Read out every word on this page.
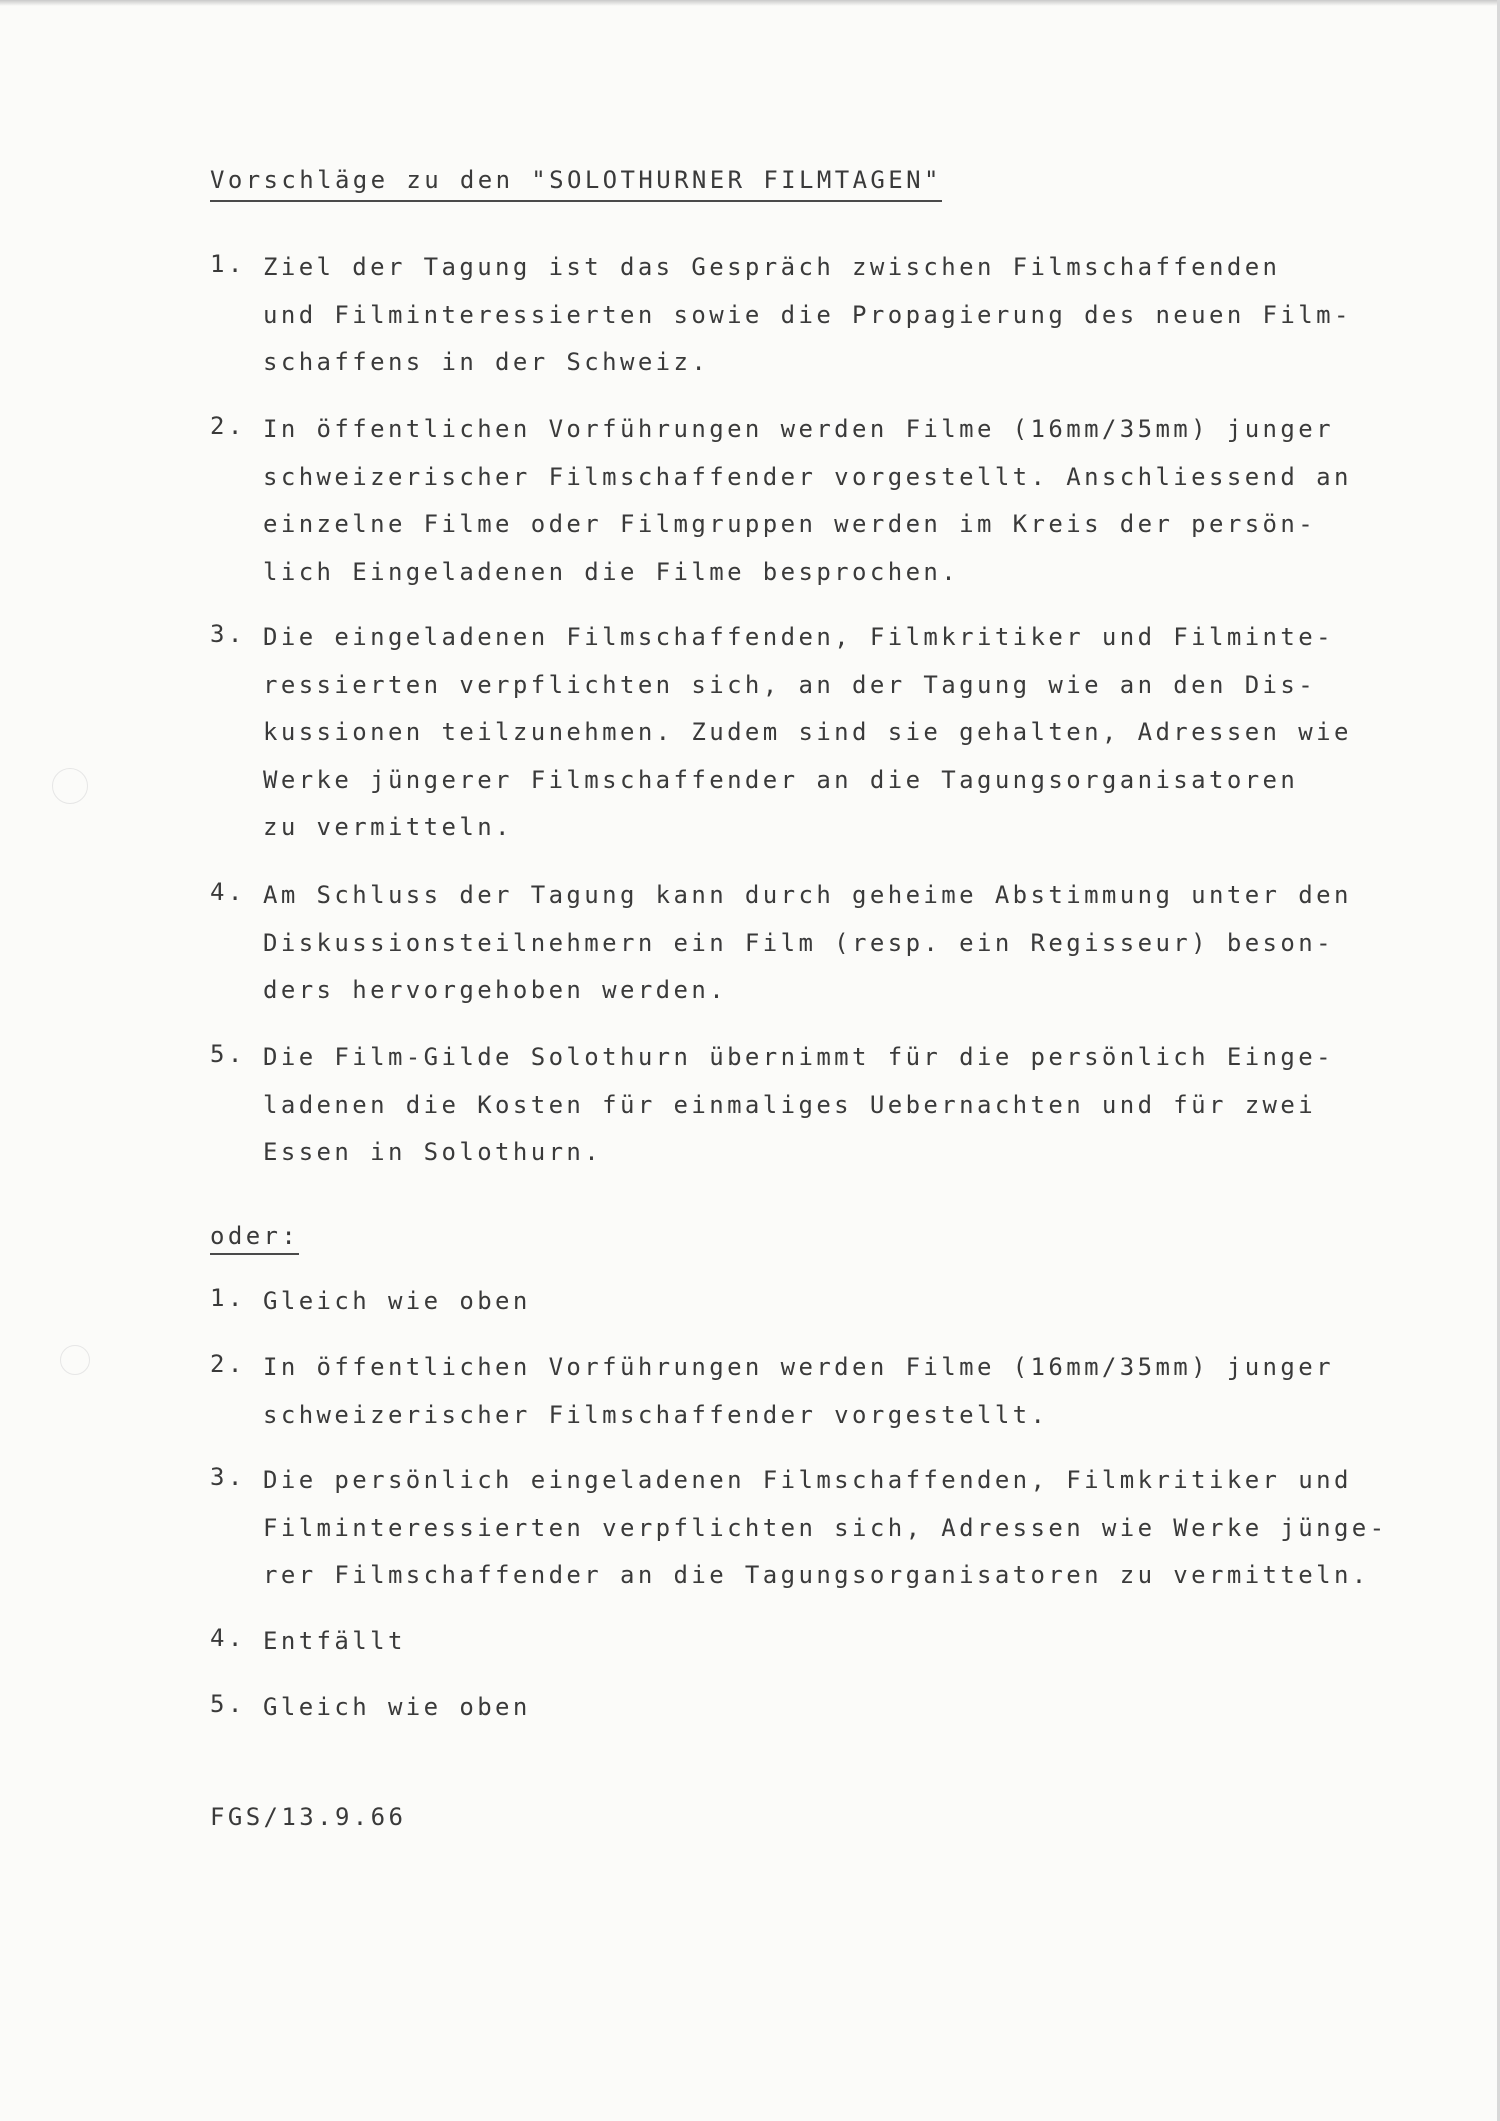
Vorschläge zu den "SOLOTHURNER FILMTAGEN"
1. Ziel der Tagung ist das Gespräch zwischen Filmschaffenden
und Filminteressierten sowie die Propagierung des neuen Film-
schaffens in der Schweiz.
2. In öffentlichen Vorführungen werden Filme (16mm/35mm) junger
schweizerischer Filmschaffender vorgestellt. Anschliessend an
einzelne Filme oder Filmgruppen werden im Kreis der persön-
lich Eingeladenen die Filme besprochen.
3. Die eingeladenen Filmschaffenden, Filmkritiker und Filminte-
ressierten verpflichten sich, an der Tagung wie an den Dis-
kussionen teilzunehmen. Zudem sind sie gehalten, Adressen wie
Werke jüngerer Filmschaffender an die Tagungsorganisatoren
zu vermitteln.
4. Am Schluss der Tagung kann durch geheime Abstimmung unter den
Diskussionsteilnehmern ein Film (resp. ein Regisseur) beson-
ders hervorgehoben werden.
5. Die Film-Gilde Solothurn übernimmt für die persönlich Einge-
ladenen die Kosten für einmaliges Uebernachten und für zwei
Essen in Solothurn.
oder:
1. Gleich wie oben
2. In öffentlichen Vorführungen werden Filme (16mm/35mm) junger
schweizerischer Filmschaffender vorgestellt.
3. Die persönlich eingeladenen Filmschaffenden, Filmkritiker und
Filminteressierten verpflichten sich, Adressen wie Werke jünge-
rer Filmschaffender an die Tagungsorganisatoren zu vermitteln.
4. Entfällt
5. Gleich wie oben
FGS/13.9.66
